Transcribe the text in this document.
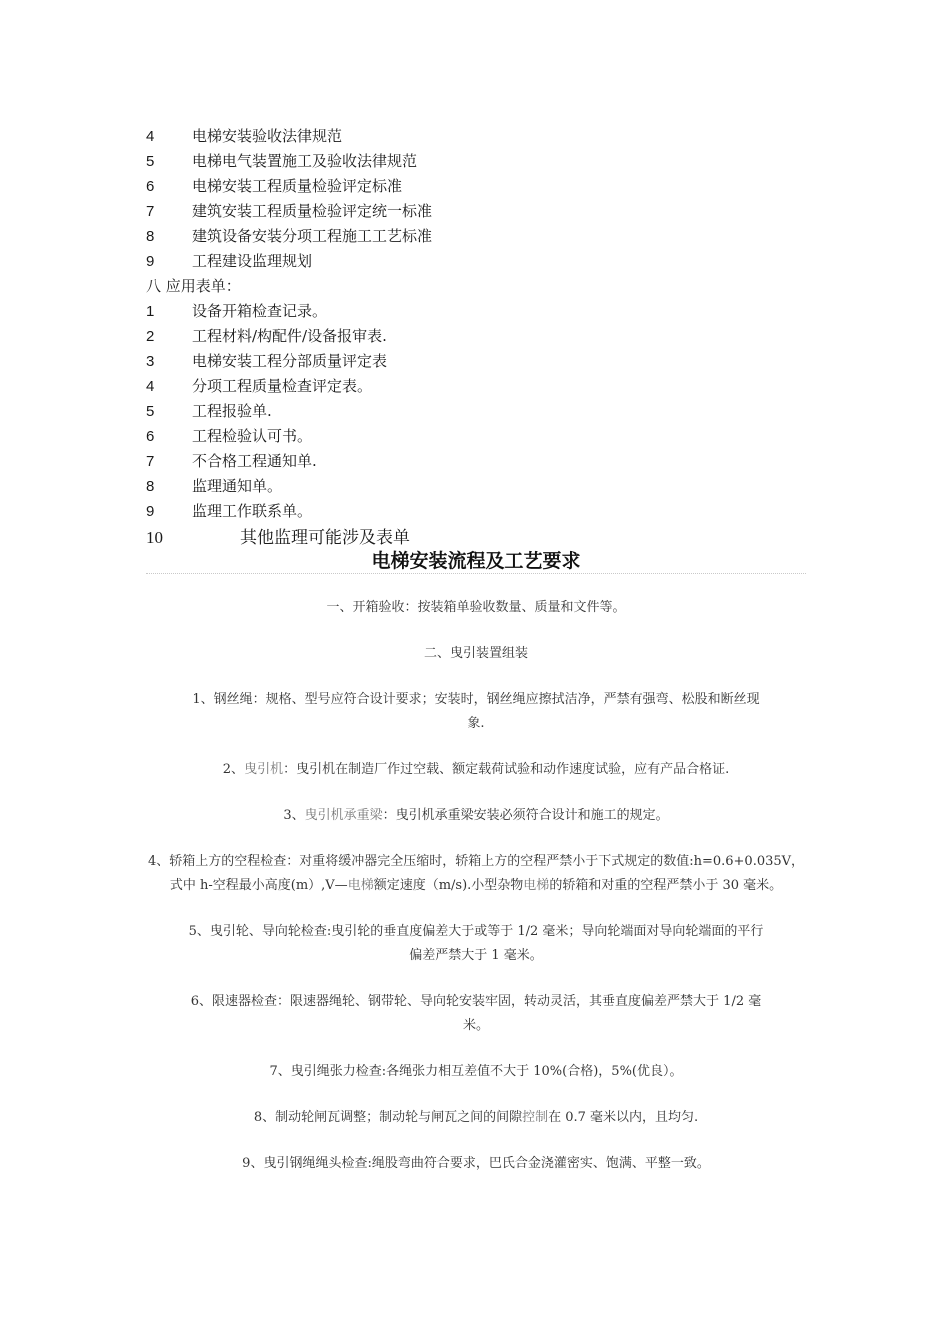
4	电梯安装验收法律规范
5	电梯电气装置施工及验收法律规范
6	电梯安装工程质量检验评定标准
7	建筑安装工程质量检验评定统一标准
8	建筑设备安装分项工程施工工艺标准
9	工程建设监理规划
八 应用表单：
1	设备开箱检查记录。
2	工程材料/构配件/设备报审表.
3	电梯安装工程分部质量评定表
4	分项工程质量检查评定表。
5	工程报验单.
6	工程检验认可书。
7	不合格工程通知单.
8	监理通知单。
9	监理工作联系单。
10	其他监理可能涉及表单
电梯安装流程及工艺要求

一、开箱验收：按装箱单验收数量、质量和文件等。

二、曳引装置组装

1、钢丝绳：规格、型号应符合设计要求；安装时，钢丝绳应擦拭洁净，严禁有强弯、松股和断丝现象.

2、曳引机：曳引机在制造厂作过空载、额定载荷试验和动作速度试验，应有产品合格证.

3、曳引机承重梁：曳引机承重梁安装必须符合设计和施工的规定。

4、轿箱上方的空程检查：对重将缓冲器完全压缩时，轿箱上方的空程严禁小于下式规定的数值:h=0.6+0.035V，式中 h-空程最小高度(m）,V—电梯额定速度（m/s).小型杂物电梯的轿箱和对重的空程严禁小于 30 毫米。

5、曳引轮、导向轮检查:曳引轮的垂直度偏差大于或等于 1/2 毫米；导向轮端面对导向轮端面的平行偏差严禁大于 1 毫米。

6、限速器检查：限速器绳轮、钢带轮、导向轮安装牢固，转动灵活，其垂直度偏差严禁大于 1/2 毫米。

7、曳引绳张力检查:各绳张力相互差值不大于 10%(合格)，5%(优良）。

8、制动轮闸瓦调整；制动轮与闸瓦之间的间隙控制在 0.7 毫米以内，且均匀.

9、曳引钢绳绳头检查:绳股弯曲符合要求，巴氏合金浇灌密实、饱满、平整一致。
